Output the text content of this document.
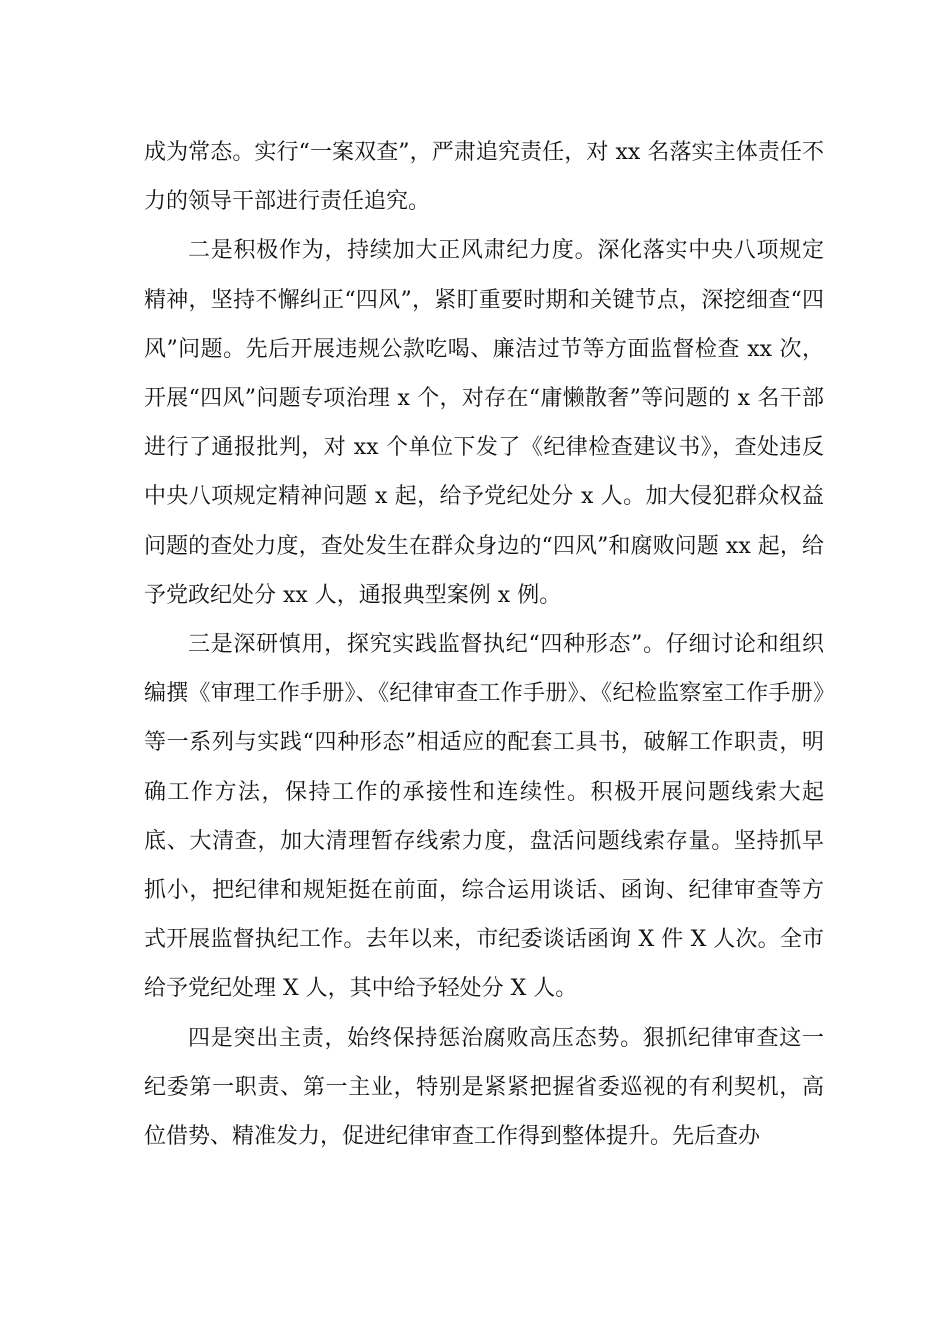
成为常态。实行“一案双查”，严肃追究责任，对 xx 名落实主体责任不力的领导干部进行责任追究。

二是积极作为，持续加大正风肃纪力度。深化落实中央八项规定精神，坚持不懈纠正“四风”，紧盯重要时期和关键节点，深挖细查“四风”问题。先后开展违规公款吃喝、廉洁过节等方面监督检查 xx 次，开展“四风”问题专项治理 x 个，对存在“庸懒散奢”等问题的 x 名干部进行了通报批判，对 xx 个单位下发了《纪律检查建议书》，查处违反中央八项规定精神问题 x 起，给予党纪处分 x 人。加大侵犯群众权益问题的查处力度，查处发生在群众身边的“四风”和腐败问题 xx 起，给予党政纪处分 xx 人，通报典型案例 x 例。

三是深研慎用，探究实践监督执纪“四种形态”。仔细讨论和组织编撰《审理工作手册》、《纪律审查工作手册》、《纪检监察室工作手册》等一系列与实践“四种形态”相适应的配套工具书，破解工作职责，明确工作方法，保持工作的承接性和连续性。积极开展问题线索大起底、大清查，加大清理暂存线索力度，盘活问题线索存量。坚持抓早抓小，把纪律和规矩挺在前面，综合运用谈话、函询、纪律审查等方式开展监督执纪工作。去年以来，市纪委谈话函询 X 件 X 人次。全市给予党纪处理 X 人，其中给予轻处分 X 人。

四是突出主责，始终保持惩治腐败高压态势。狠抓纪律审查这一纪委第一职责、第一主业，特别是紧紧把握省委巡视的有利契机，高位借势、精准发力，促进纪律审查工作得到整体提升。先后查办
